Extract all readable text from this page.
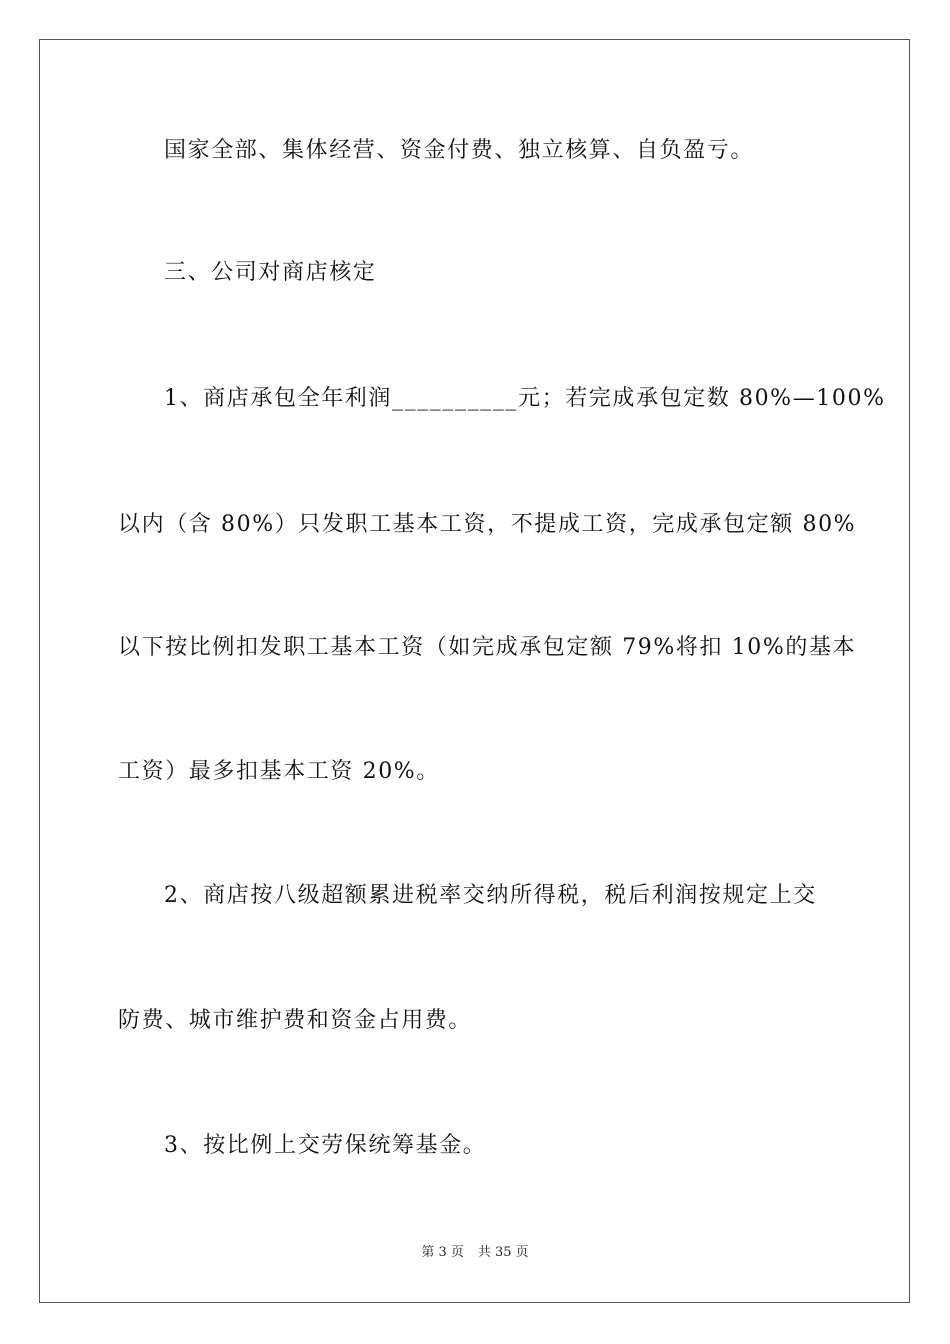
国家全部、集体经营、资金付费、独立核算、自负盈亏。
三、公司对商店核定
1、商店承包全年利润__________元；若完成承包定数 80%—100%
以内（含 80%）只发职工基本工资，不提成工资，完成承包定额 80%
以下按比例扣发职工基本工资（如完成承包定额 79%将扣 10%的基本
工资）最多扣基本工资 20%。
2、商店按八级超额累进税率交纳所得税，税后利润按规定上交
防费、城市维护费和资金占用费。
3、按比例上交劳保统筹基金。
第 3 页 共 35 页
